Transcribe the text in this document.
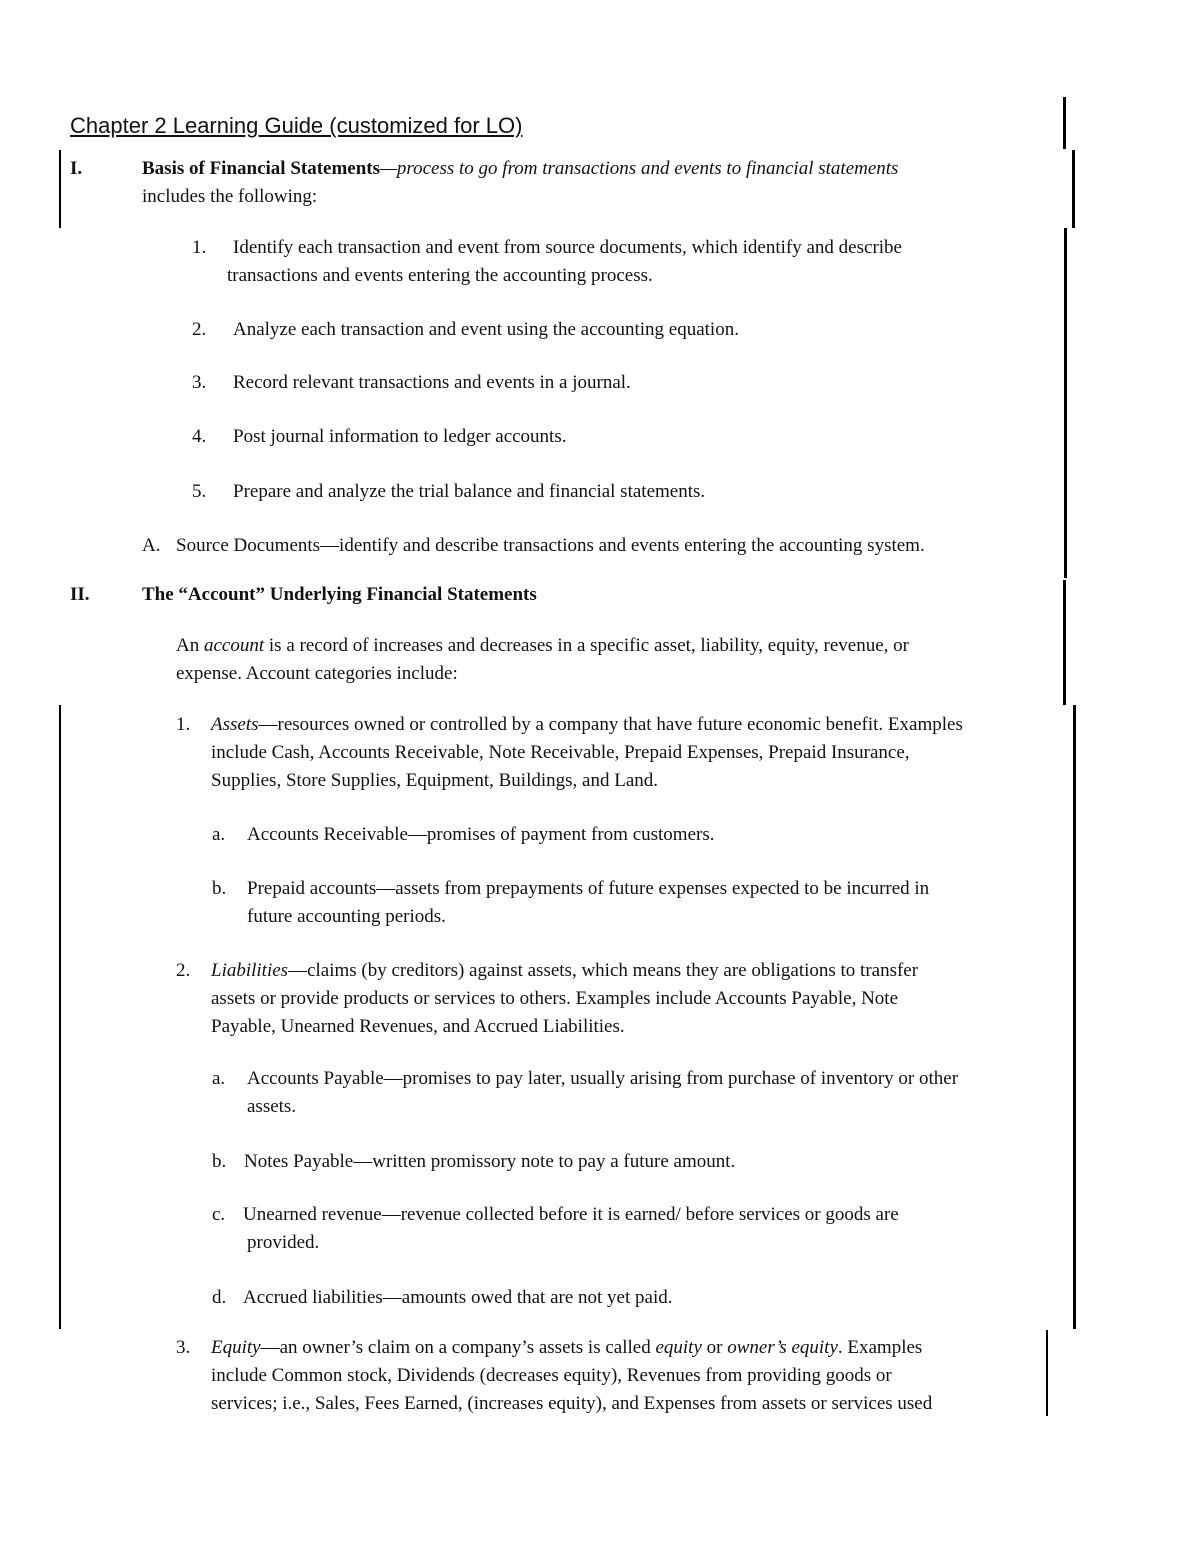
Chapter 2 Learning Guide (customized for LO)
I.	Basis of Financial Statements—process to go from transactions and events to financial statements
includes the following:
1. Identify each transaction and event from source documents, which identify and describe
transactions and events entering the accounting process.
2. Analyze each transaction and event using the accounting equation.
3. Record relevant transactions and events in a journal.
4. Post journal information to ledger accounts.
5. Prepare and analyze the trial balance and financial statements.
A. Source Documents—identify and describe transactions and events entering the accounting system.
II.	The “Account” Underlying Financial Statements
An account is a record of increases and decreases in a specific asset, liability, equity, revenue, or
expense. Account categories include:
1. Assets—resources owned or controlled by a company that have future economic benefit. Examples
include Cash, Accounts Receivable, Note Receivable, Prepaid Expenses, Prepaid Insurance,
Supplies, Store Supplies, Equipment, Buildings, and Land.
a. Accounts Receivable—promises of payment from customers.
b. Prepaid accounts—assets from prepayments of future expenses expected to be incurred in
future accounting periods.
2. Liabilities—claims (by creditors) against assets, which means they are obligations to transfer
assets or provide products or services to others. Examples include Accounts Payable, Note
Payable, Unearned Revenues, and Accrued Liabilities.
a. Accounts Payable—promises to pay later, usually arising from purchase of inventory or other
assets.
b. Notes Payable—written promissory note to pay a future amount.
c. Unearned revenue—revenue collected before it is earned/ before services or goods are
provided.
d. Accrued liabilities—amounts owed that are not yet paid.
3. Equity—an owner’s claim on a company’s assets is called equity or owner’s equity. Examples
include Common stock, Dividends (decreases equity), Revenues from providing goods or
services; i.e., Sales, Fees Earned, (increases equity), and Expenses from assets or services used
